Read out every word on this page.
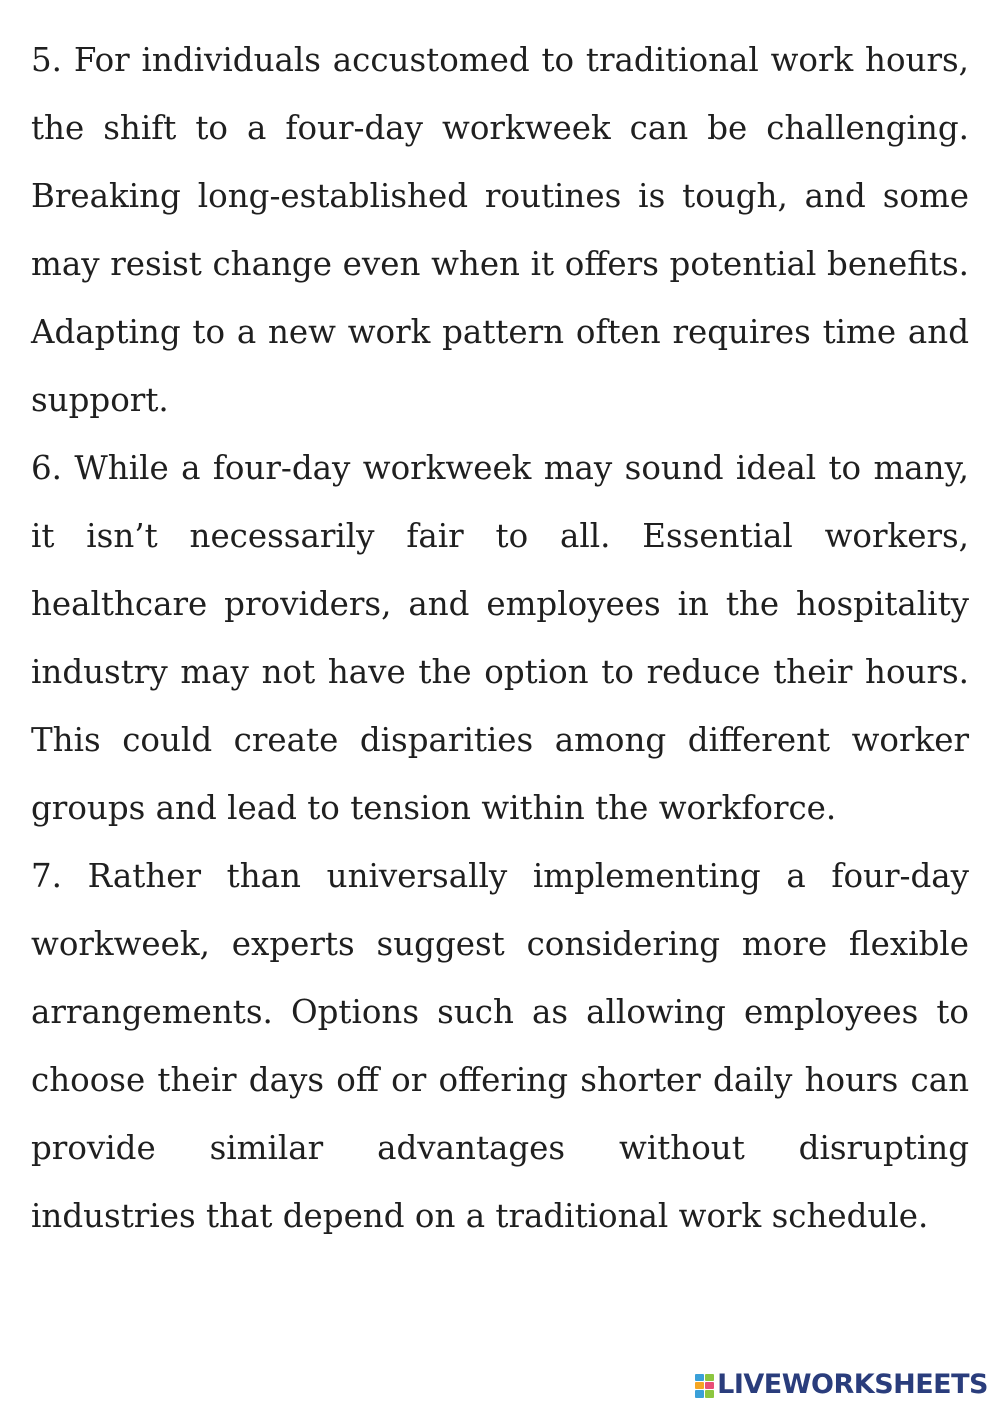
5. For individuals accustomed to traditional work hours, the shift to a four-day workweek can be challenging. Breaking long-established routines is tough, and some may resist change even when it offers potential benefits. Adapting to a new work pattern often requires time and support.

6. While a four-day workweek may sound ideal to many, it isn’t necessarily fair to all. Essential workers, healthcare providers, and employees in the hospitality industry may not have the option to reduce their hours. This could create disparities among different worker groups and lead to tension within the workforce.

7. Rather than universally implementing a four-day workweek, experts suggest considering more flexible arrangements. Options such as allowing employees to choose their days off or offering shorter daily hours can provide similar advantages without disrupting industries that depend on a traditional work schedule.

LIVEWORKSHEETS
